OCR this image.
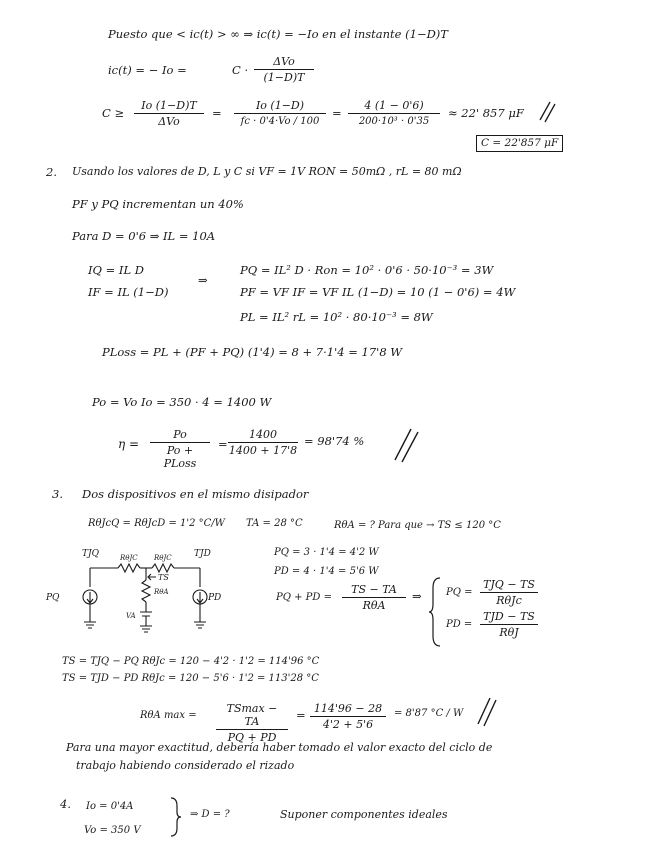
Puesto que < ic(t) > ∞ ⇒ ic(t) = −Io en el instante (1−D)T
ic(t) = − Io =	C ·
ΔVo
(1−D)T
C ≥
Io (1−D)T
ΔVo
= $\frac{Io (1-D)}{fc \cdot 0'4\cdot Vo / 100} = \frac{4 (1 - 0'6)}{\text{200·10³ · 0'35}} \approx 22'$ 857 μF
C = 22'857 μF
2. Usando los valores de D, L y C si VF = 1V RON = 50mΩ , rL = 80 mΩ
PF y PQ incrementan un 40%
Para D = 0'6 ⇒ IL = 10A
IQ = IL D
IF = IL (1−D)
⇒
PQ = IL² D · Ron = 10² · 0'6 · 50·10⁻³ = 3W
PF = VF IF = VF IL (1−D) = 10 (1 − 0'6) = 4W
PL = IL² rL = 10² · 80·10⁻³ = 8W
PLoss = PL + (PF + PQ) (1'4) = 8 + 7·1'4 = 17'8 W
Po = Vo Io = 350 · 4 = 1400 W
η =
Po
Po + PLoss
= $\frac{1400}{1400 + 17'8} = 98'74$ %
3. Dos dispositivos en el mismo disipador
RθJcQ = RθJcD = 1'2 °C/W TA = 28 °C	RθA = ? Para que → TS ≤ 120 °C
TJQ	RθJC RθJC TJD
TS
RθA
PQ	PD
VA
PQ = 3 · 1'4 = 4'2 W
PD = 4 · 1'4 = 5'6 W
PQ + PD =
TS − TA
RθA
⇒ PQ =
TJQ − TS
RθJc
PD =
TJD − TS
RθJ
TS = TJQ − PQ RθJc = 120 − 4'2 · 1'2 = 114'96 °C
TS = TJD − PD RθJc = 120 − 5'6 · 1'2 = 113'28 °C
RθA max =
TSmax − TA
PQ + PD
= $\frac{114'96 - 28}{4'2 + 5'6} = 8'87$ °C / W
Para una mayor exactitud, debería haber tomado el valor exacto del ciclo de
trabajo habiendo considerado el rizado
4. Io = 0'4A
Vo = 350 V
⇒ D = ?	Suponer componentes ideales
